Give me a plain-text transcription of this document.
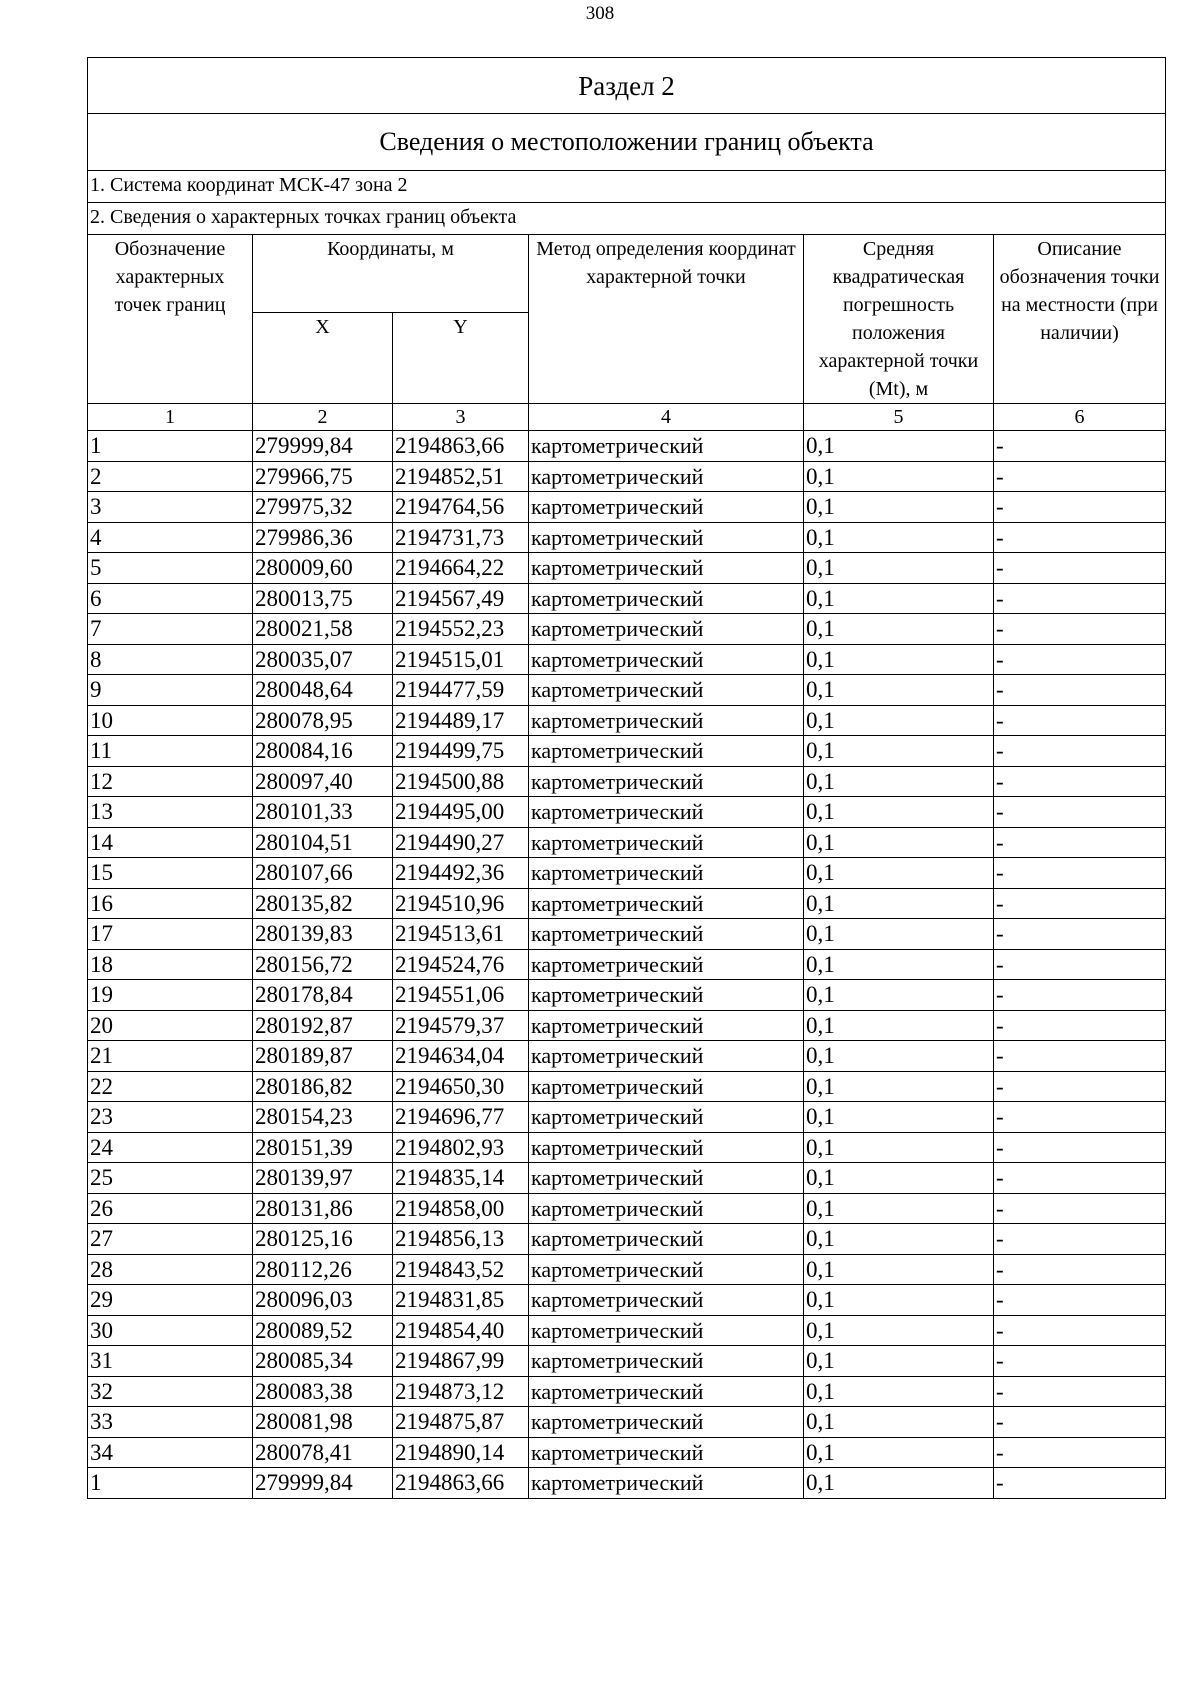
308
Раздел 2					
Сведения о местоположении границ объекта					
1. Система координат МСК-47 зона 2					
2. Сведения о характерных точках границ объекта					
Обозначение характерных точек границ	Координаты, м		Метод определения координат характерной точки	Средняя квадратическая погрешность положения характерной точки (Mt), м	Описание обозначения точки на местности (при наличии)
	X	Y			
1	2	3	4	5	6
1	279999,84	2194863,66	картометрический	0,1	-
2	279966,75	2194852,51	картометрический	0,1	-
3	279975,32	2194764,56	картометрический	0,1	-
4	279986,36	2194731,73	картометрический	0,1	-
5	280009,60	2194664,22	картометрический	0,1	-
6	280013,75	2194567,49	картометрический	0,1	-
7	280021,58	2194552,23	картометрический	0,1	-
8	280035,07	2194515,01	картометрический	0,1	-
9	280048,64	2194477,59	картометрический	0,1	-
10	280078,95	2194489,17	картометрический	0,1	-
11	280084,16	2194499,75	картометрический	0,1	-
12	280097,40	2194500,88	картометрический	0,1	-
13	280101,33	2194495,00	картометрический	0,1	-
14	280104,51	2194490,27	картометрический	0,1	-
15	280107,66	2194492,36	картометрический	0,1	-
16	280135,82	2194510,96	картометрический	0,1	-
17	280139,83	2194513,61	картометрический	0,1	-
18	280156,72	2194524,76	картометрический	0,1	-
19	280178,84	2194551,06	картометрический	0,1	-
20	280192,87	2194579,37	картометрический	0,1	-
21	280189,87	2194634,04	картометрический	0,1	-
22	280186,82	2194650,30	картометрический	0,1	-
23	280154,23	2194696,77	картометрический	0,1	-
24	280151,39	2194802,93	картометрический	0,1	-
25	280139,97	2194835,14	картометрический	0,1	-
26	280131,86	2194858,00	картометрический	0,1	-
27	280125,16	2194856,13	картометрический	0,1	-
28	280112,26	2194843,52	картометрический	0,1	-
29	280096,03	2194831,85	картометрический	0,1	-
30	280089,52	2194854,40	картометрический	0,1	-
31	280085,34	2194867,99	картометрический	0,1	-
32	280083,38	2194873,12	картометрический	0,1	-
33	280081,98	2194875,87	картометрический	0,1	-
34	280078,41	2194890,14	картометрический	0,1	-
1	279999,84	2194863,66	картометрический	0,1	-
